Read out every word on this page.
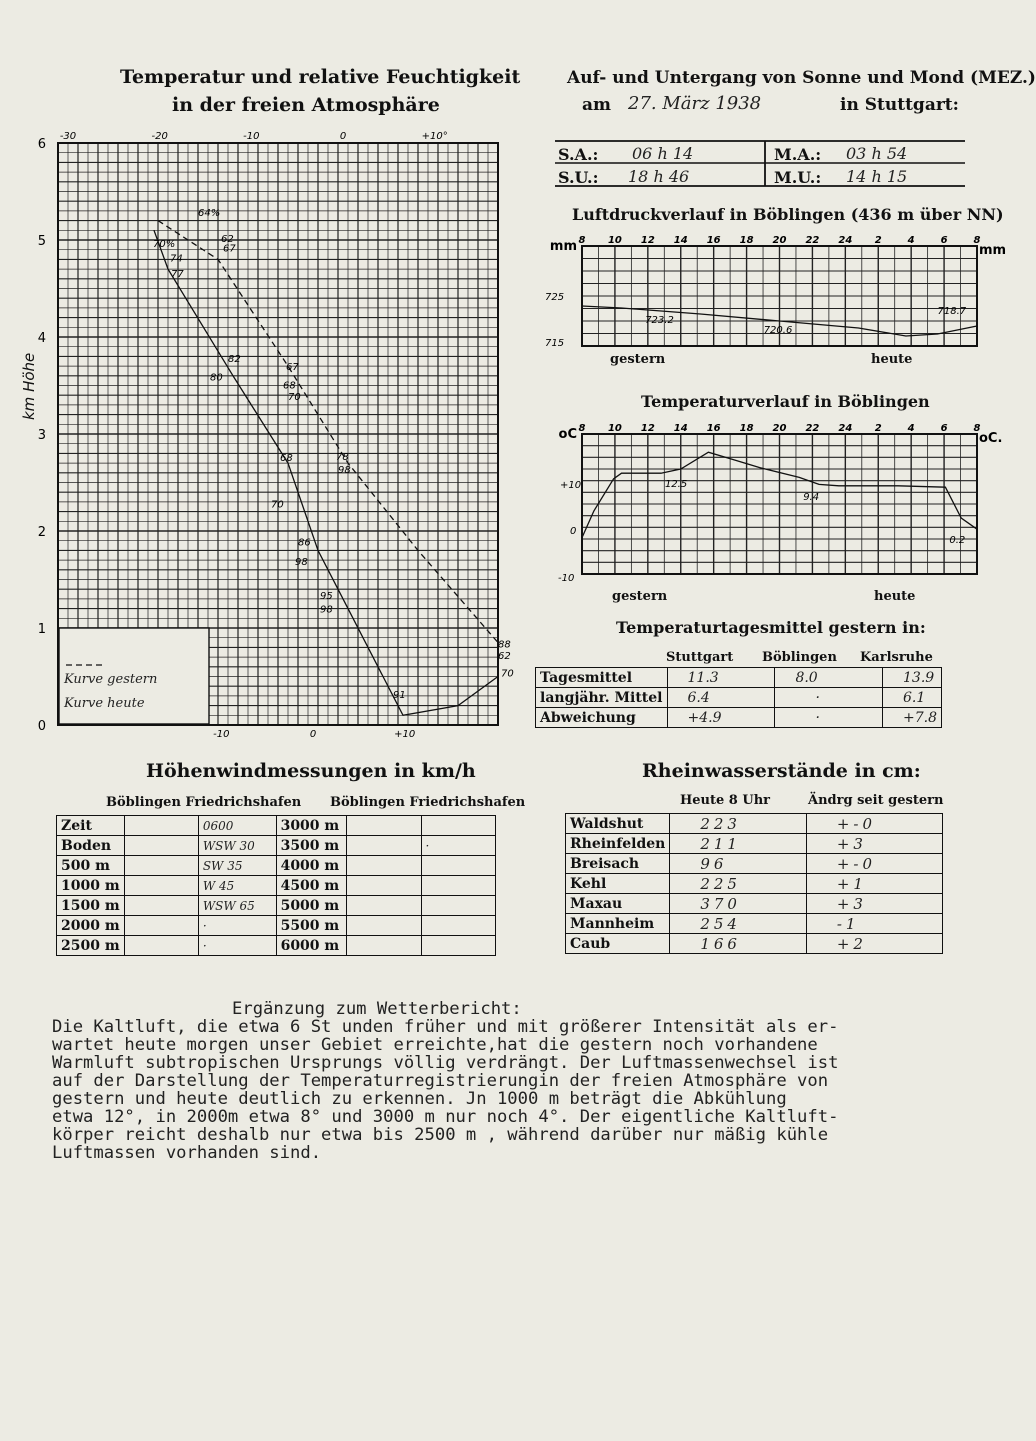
Temperatur und relative Feuchtigkeit
in der freien Atmosphäre
6
5
4
3
2
1
0
-30	-20	-10	0	+10°
-10	0	+10
70%
74
77
82
80
68
70
86
98
95
98
91
64%
62
67
67
68
70
78
98
88
62
70
km Höhe
Kurve gestern
Kurve heute
Auf- und Untergang von Sonne und Mond (MEZ.)
am 27. März 1938	in Stuttgart:
S.A.: 06 h 14	M.A.: 03 h 54
S.U.: 18 h 46	M.U.: 14 h 15
Luftdruckverlauf in Böblingen (436 m über NN)
8 10 12 14 16 18 20 22 24 2	4	6	8
mm	mm
725
715
723.2
720.6
718.7
gestern	heute
Temperaturverlauf in Böblingen
8 10 12 14 16 18 20 22 24 2	4	6	8
oC	oC.
+10
0
-10
12.5
9.4
0.2
gestern	heute
Temperaturtagesmittel gestern in:
Stuttgart Böblingen Karlsruhe
Tagesmittel	11.3	8.0	13.9
langjähr. Mittel	6.4	·	6.1
Abweichung	+4.9	·	+7.8
Höhenwindmessungen in km/h
Böblingen Friedrichshafen Böblingen Friedrichshafen
Zeit		0600	3000 m		
Boden		WSW 30	3500 m		·
500 m		SW 35	4000 m		
1000 m		W 45	4500 m		
1500 m		WSW 65	5000 m		
2000 m		·	5500 m		
2500 m		·	6000 m		
Rheinwasserstände in cm:
Heute 8 Uhr	Ändrg seit gestern
Waldshut	223	+-0
Rheinfelden	211	+3
Breisach	96	+-0
Kehl	225	+1
Maxau	370	+3
Mannheim	254	-1
Caub	166	+2
Ergänzung zum Wetterbericht:
Die Kaltluft, die etwa 6 St unden früher und mit größerer Intensität als er-
wartet heute morgen unser Gebiet erreichte,hat die gestern noch vorhandene
Warmluft subtropischen Ursprungs völlig verdrängt. Der Luftmassenwechsel ist
auf der Darstellung der Temperaturregistrierungin der freien Atmosphäre von
gestern und heute deutlich zu erkennen. Jn 1000 m beträgt die Abkühlung
etwa 12°, in 2000m etwa 8° und 3000 m nur noch 4°. Der eigentliche Kaltluft-
körper reicht deshalb nur etwa bis 2500 m , während darüber nur mäßig kühle
Luftmassen vorhanden sind.
